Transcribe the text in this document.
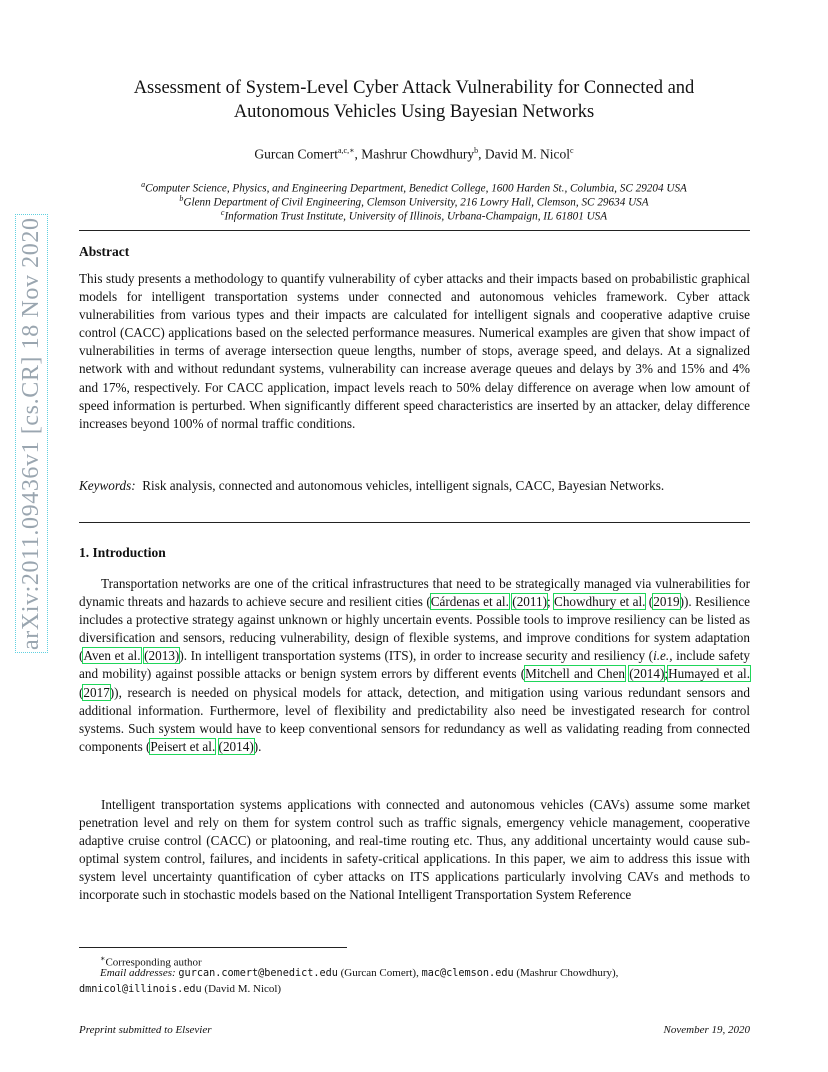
arXiv:2011.09436v1 [cs.CR] 18 Nov 2020
Assessment of System-Level Cyber Attack Vulnerability for Connected and
Autonomous Vehicles Using Bayesian Networks
Gurcan Comert$^{a,c,∗}$, Mashrur Chowdhury$^b$, David M. Nicol$^c$
$^a$Computer Science, Physics, and Engineering Department, Benedict College, 1600 Harden St., Columbia, SC 29204 USA
$^b$Glenn Department of Civil Engineering, Clemson University, 216 Lowry Hall, Clemson, SC 29634 USA
$^c$Information Trust Institute, University of Illinois, Urbana-Champaign, IL 61801 USA
Abstract
This study presents a methodology to quantify vulnerability of cyber attacks and their impacts based on probabilistic graphical models for intelligent transportation systems under connected and autonomous vehicles framework. Cyber attack vulnerabilities from various types and their impacts are calculated for intelligent signals and cooperative adaptive cruise control (CACC) applications based on the selected performance measures. Numerical examples are given that show impact of vulnerabilities in terms of average intersection queue lengths, number of stops, average speed, and delays. At a signalized network with and without redundant systems, vulnerability can increase average queues and delays by 3% and 15% and 4% and 17%, respectively. For CACC application, impact levels reach to 50% delay difference on average when low amount of speed information is perturbed. When significantly different speed characteristics are inserted by an attacker, delay difference increases beyond 100% of normal traffic conditions.
Keywords: Risk analysis, connected and autonomous vehicles, intelligent signals, CACC, Bayesian Networks.
1. Introduction
Transportation networks are one of the critical infrastructures that need to be strategically managed via vulnerabilities for dynamic threats and hazards to achieve secure and resilient cities (Cárdenas et al. (2011); Chowdhury et al. (2019)). Resilience includes a protective strategy against unknown or highly uncertain events. Possible tools to improve resiliency can be listed as diversification and sensors, reducing vulnerability, design of flexible systems, and improve conditions for system adaptation (Aven et al. (2013)). In intelligent transportation systems (ITS), in order to increase security and resiliency (i.e., include safety and mobility) against possible attacks or benign system errors by different events (Mitchell and Chen (2014);Humayed et al. (2017)), research is needed on physical models for attack, detection, and mitigation using various redundant sensors and additional information. Furthermore, level of flexibility and predictability also need be investigated research for control systems. Such system would have to keep conventional sensors for redundancy as well as validating reading from connected components (Peisert et al. (2014)).
Intelligent transportation systems applications with connected and autonomous vehicles (CAVs) assume some market penetration level and rely on them for system control such as traffic signals, emergency vehicle management, cooperative adaptive cruise control (CACC) or platooning, and real-time routing etc. Thus, any additional uncertainty would cause sub-optimal system control, failures, and incidents in safety-critical applications. In this paper, we aim to address this issue with system level uncertainty quantification of cyber attacks on ITS applications particularly involving CAVs and methods to incorporate such in stochastic models based on the National Intelligent Transportation System Reference
∗Corresponding author
Email addresses: gurcan.comert@benedict.edu (Gurcan Comert), mac@clemson.edu (Mashrur Chowdhury),
dmnicol@illinois.edu (David M. Nicol)
Preprint submitted to Elsevier	November 19, 2020
